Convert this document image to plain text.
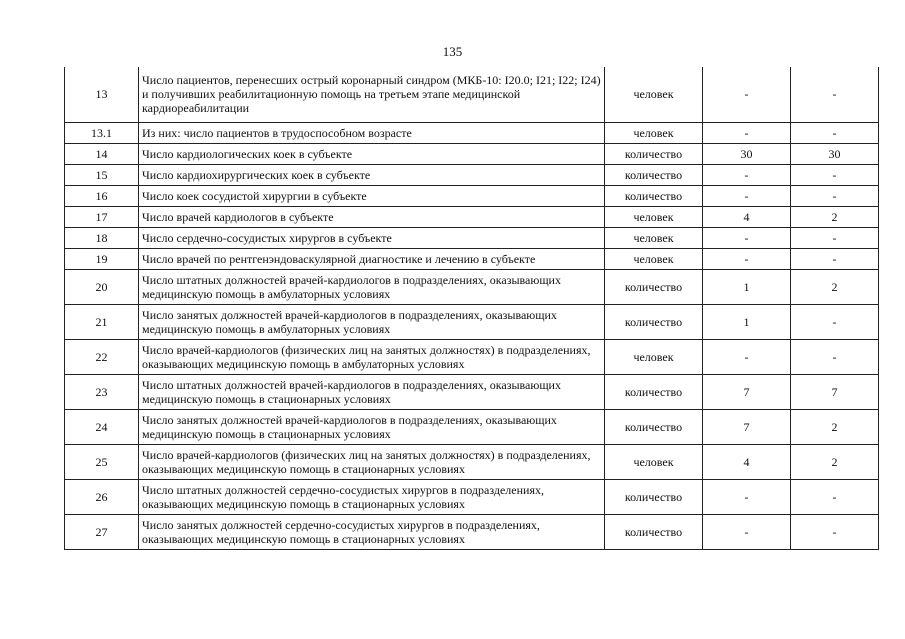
135
13	Число пациентов, перенесших острый коронарный синдром (МКБ-10: I20.0; I21; I22; I24) и получивших реабилитационную помощь на третьем этапе медицинской кардиореабилитации	человек	-	-
13.1	Из них: число пациентов в трудоспособном возрасте	человек	-	-
14	Число кардиологических коек в субъекте	количество	30	30
15	Число кардиохирургических коек в субъекте	количество	-	-
16	Число коек сосудистой хирургии в субъекте	количество	-	-
17	Число врачей кардиологов в субъекте	человек	4	2
18	Число сердечно-сосудистых хирургов в субъекте	человек	-	-
19	Число врачей по рентгенэндоваскулярной диагностике и лечению в субъекте	человек	-	-
20	Число штатных должностей врачей-кардиологов в подразделениях, оказывающих медицинскую помощь в амбулаторных условиях	количество	1	2
21	Число занятых должностей врачей-кардиологов в подразделениях, оказывающих медицинскую помощь в амбулаторных условиях	количество	1	-
22	Число врачей-кардиологов (физических лиц на занятых должностях) в подразделениях, оказывающих медицинскую помощь в амбулаторных условиях	человек	-	-
23	Число штатных должностей врачей-кардиологов в подразделениях, оказывающих медицинскую помощь в стационарных условиях	количество	7	7
24	Число занятых должностей врачей-кардиологов в подразделениях, оказывающих медицинскую помощь в стационарных условиях	количество	7	2
25	Число врачей-кардиологов (физических лиц на занятых должностях) в подразделениях, оказывающих медицинскую помощь в стационарных условиях	человек	4	2
26	Число штатных должностей сердечно-сосудистых хирургов в подразделениях, оказывающих медицинскую помощь в стационарных условиях	количество	-	-
27	Число занятых должностей сердечно-сосудистых хирургов в подразделениях, оказывающих медицинскую помощь в стационарных условиях	количество	-	-
